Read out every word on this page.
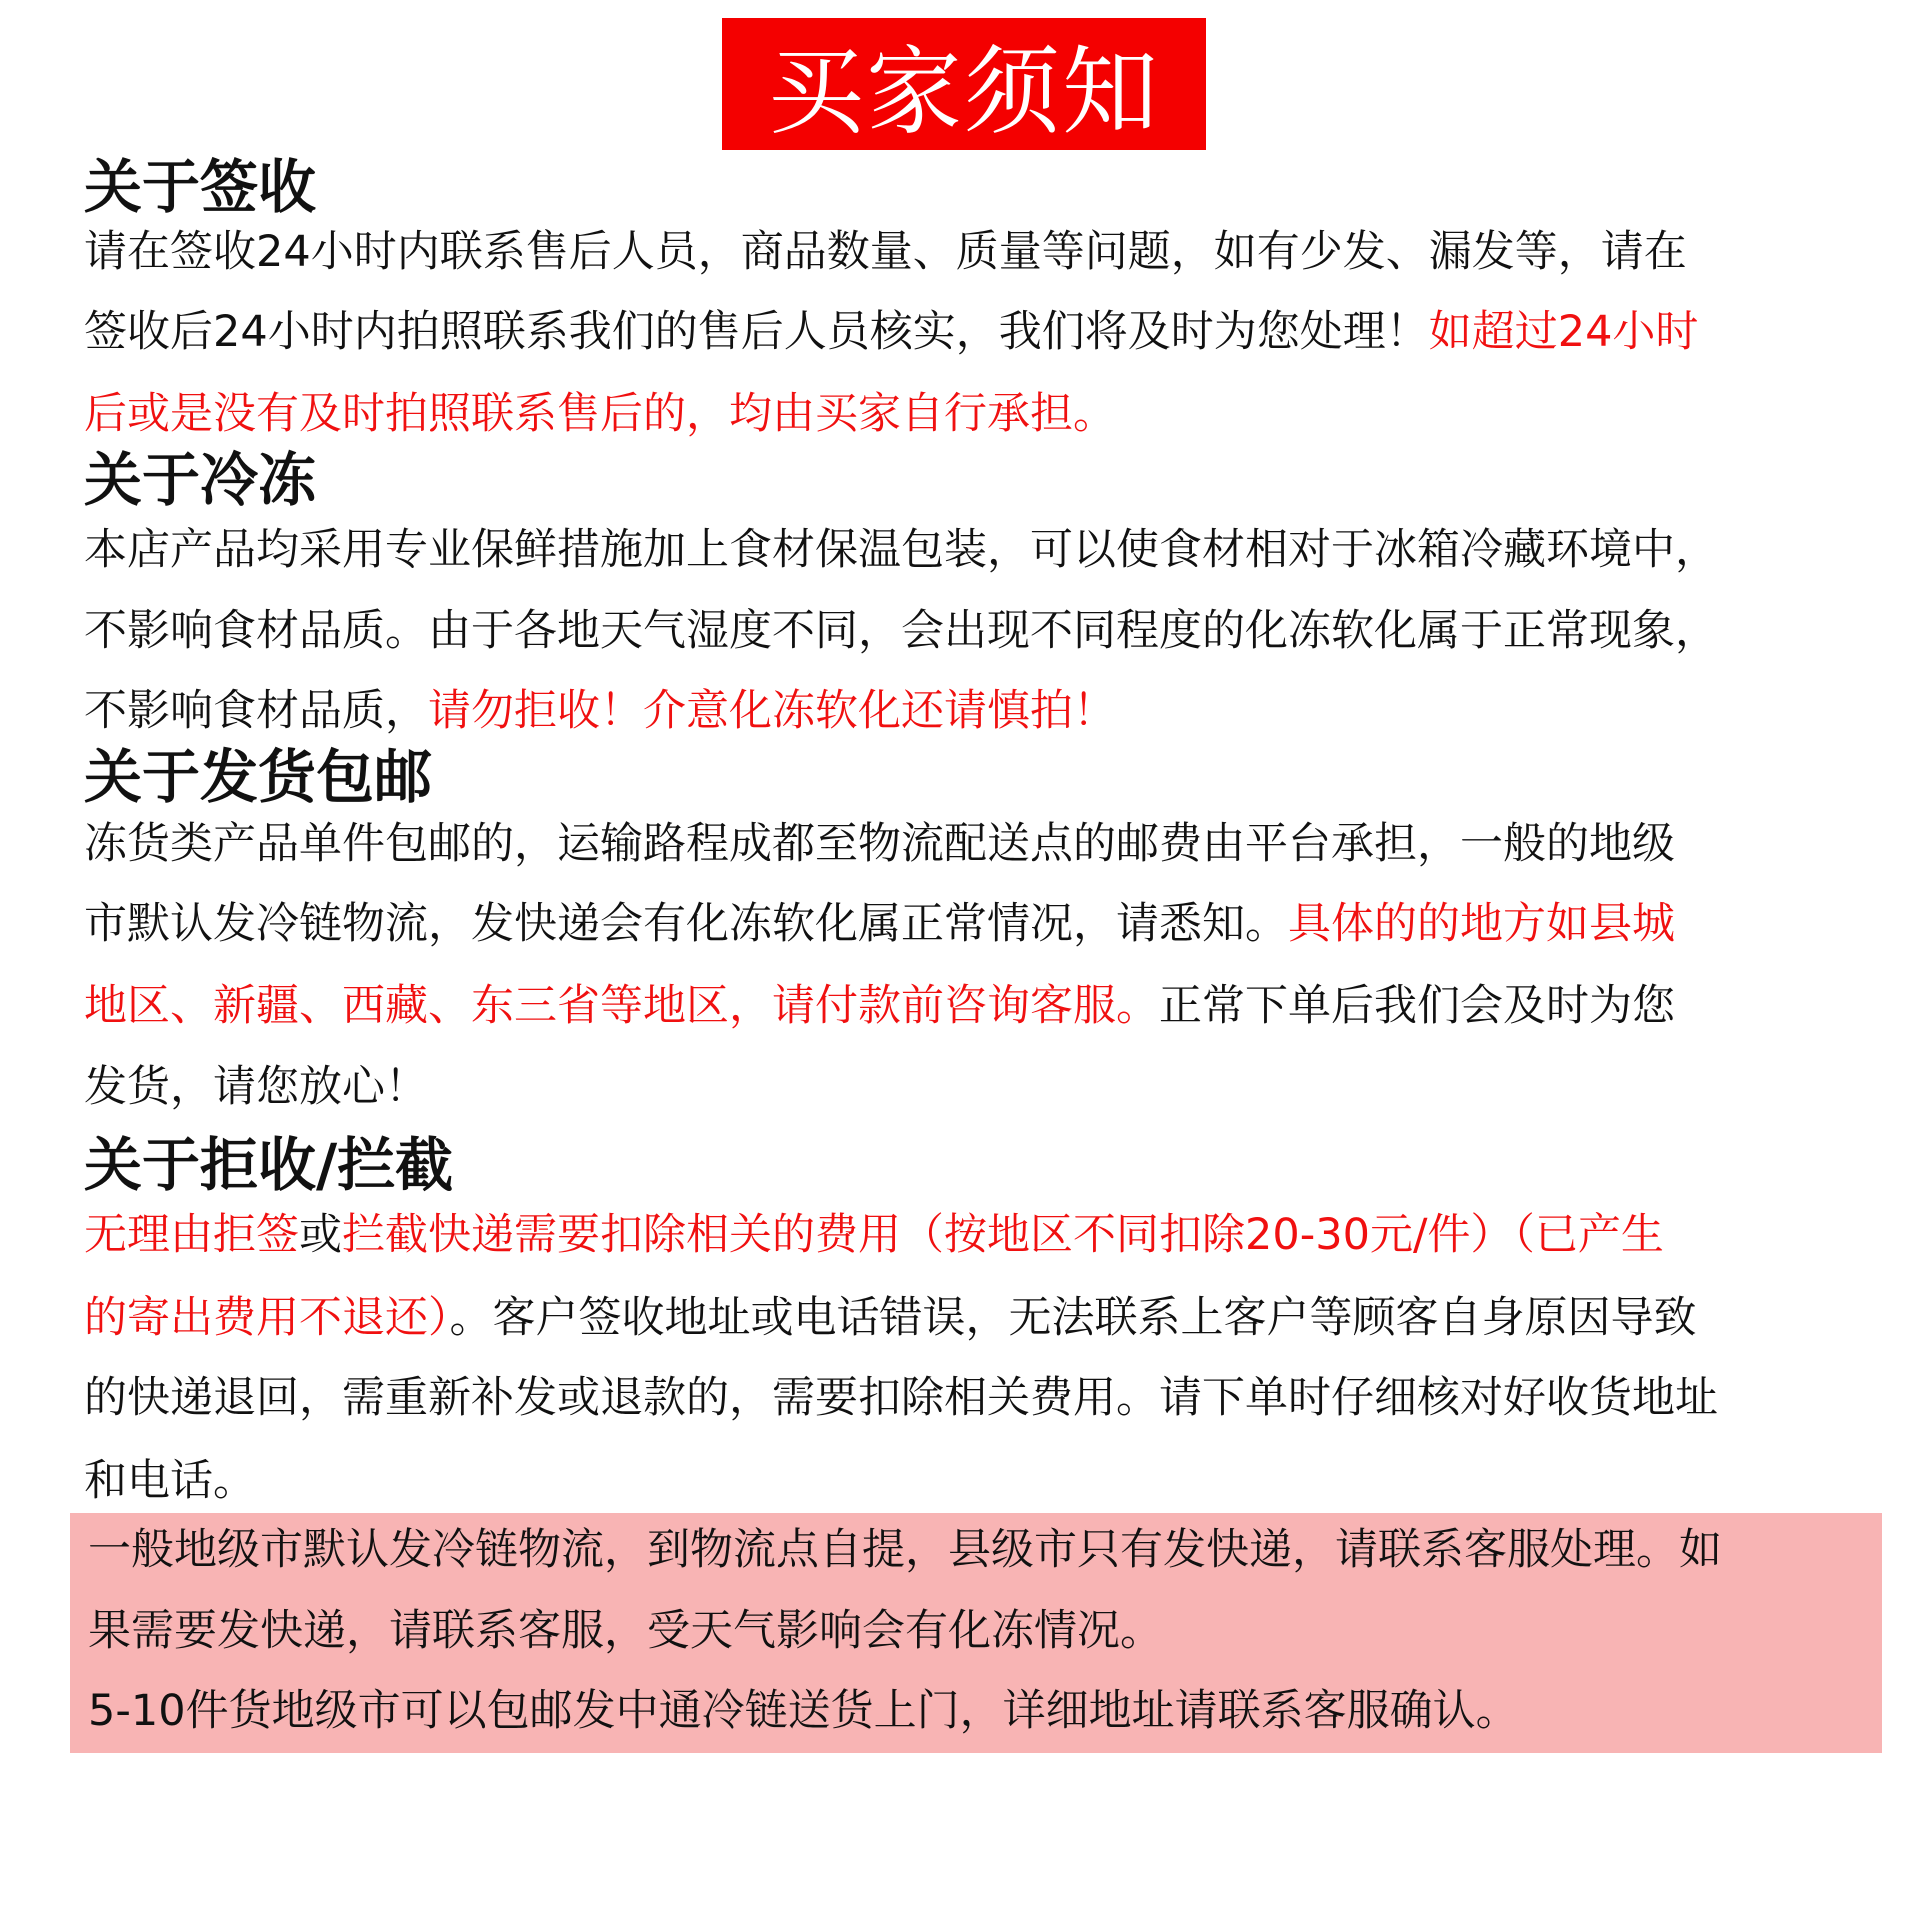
买家须知
关于签收
请在签收24小时内联系售后人员，商品数量、质量等问题，如有少发、漏发等，请在
签收后24小时内拍照联系我们的售后人员核实，我们将及时为您处理！如超过24小时
后或是没有及时拍照联系售后的，均由买家自行承担。
关于冷冻
本店产品均采用专业保鲜措施加上食材保温包装，可以使食材相对于冰箱冷藏环境中，
不影响食材品质。由于各地天气湿度不同，会出现不同程度的化冻软化属于正常现象，
不影响食材品质，请勿拒收！介意化冻软化还请慎拍！
关于发货包邮
冻货类产品单件包邮的，运输路程成都至物流配送点的邮费由平台承担，一般的地级
市默认发冷链物流，发快递会有化冻软化属正常情况，请悉知。具体的的地方如县城
地区、新疆、西藏、东三省等地区，请付款前咨询客服。正常下单后我们会及时为您
发货，请您放心！
关于拒收/拦截
无理由拒签或拦截快递需要扣除相关的费用（按地区不同扣除20-30元/件）（已产生
的寄出费用不退还）。客户签收地址或电话错误，无法联系上客户等顾客自身原因导致
的快递退回，需重新补发或退款的，需要扣除相关费用。请下单时仔细核对好收货地址
和电话。
一般地级市默认发冷链物流，到物流点自提，县级市只有发快递，请联系客服处理。如
果需要发快递，请联系客服，受天气影响会有化冻情况。
5-10件货地级市可以包邮发中通冷链送货上门，详细地址请联系客服确认。
